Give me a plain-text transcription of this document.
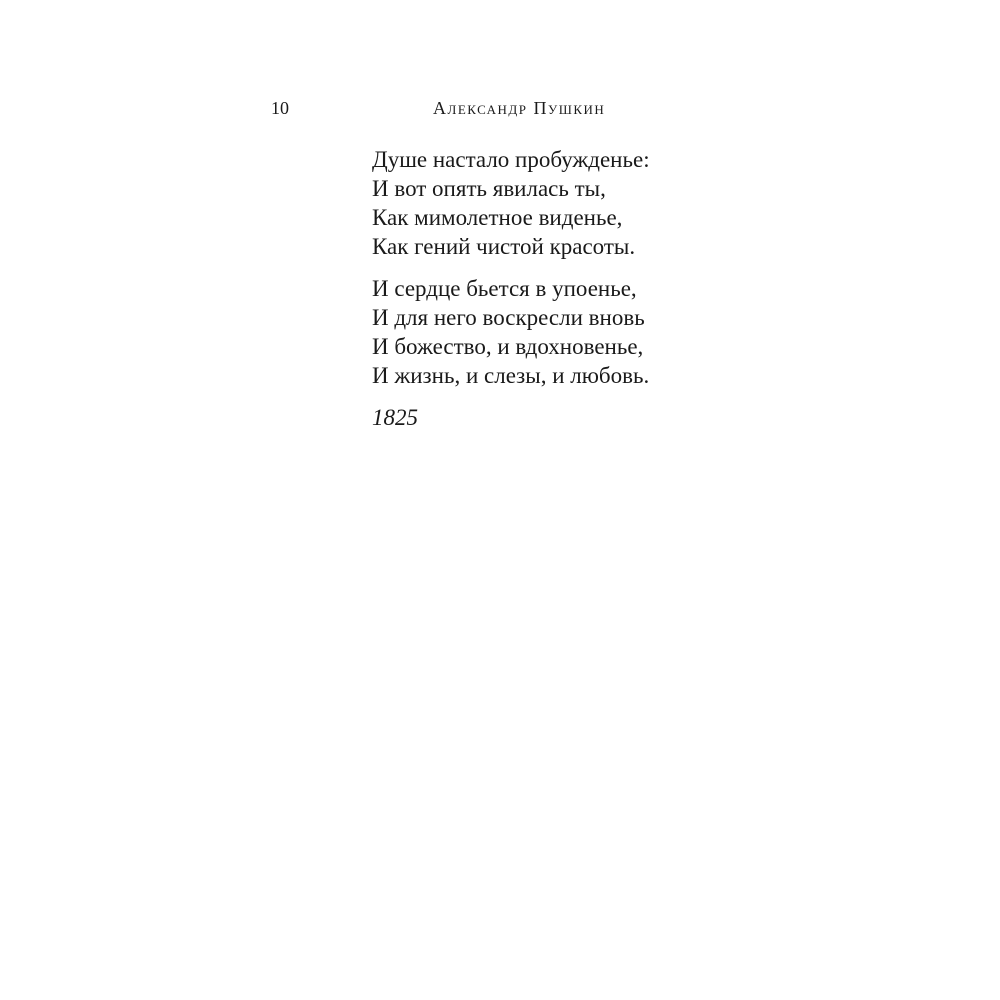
10	Александр Пушкин
Душе настало пробужденье:
И вот опять явилась ты,
Как мимолетное виденье,
Как гений чистой красоты.
И сердце бьется в упоенье,
И для него воскресли вновь
И божество, и вдохновенье,
И жизнь, и слезы, и любовь.
1825
